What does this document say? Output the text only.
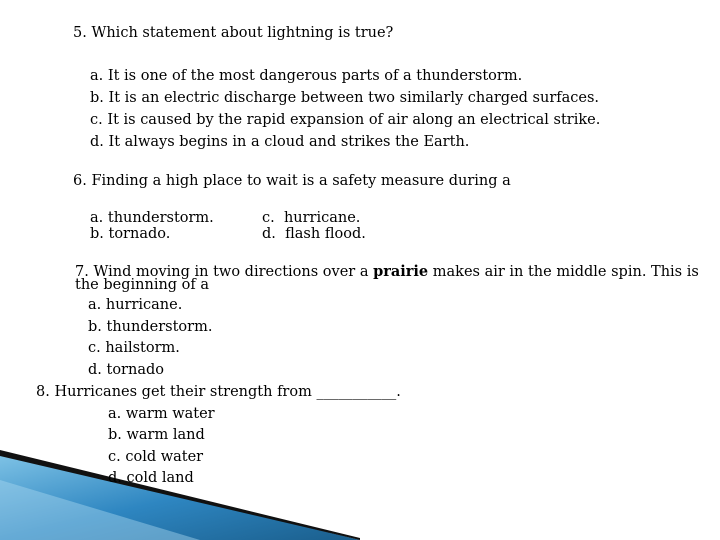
5. Which statement about lightning is true?
a. It is one of the most dangerous parts of a thunderstorm.
b. It is an electric discharge between two similarly charged surfaces.
c. It is caused by the rapid expansion of air along an electrical strike.
d. It always begins in a cloud and strikes the Earth.
6. Finding a high place to wait is a safety measure during a
a. thunderstorm.
b. tornado.
c.  hurricane.
d.  flash flood.
7. Wind moving in two directions over a prairie makes air in the middle spin. This is
the beginning of a
a. hurricane.
b. thunderstorm.
c. hailstorm.
d. tornado
8. Hurricanes get their strength from ___________.
a. warm water
b. warm land
c. cold water
d. cold land
